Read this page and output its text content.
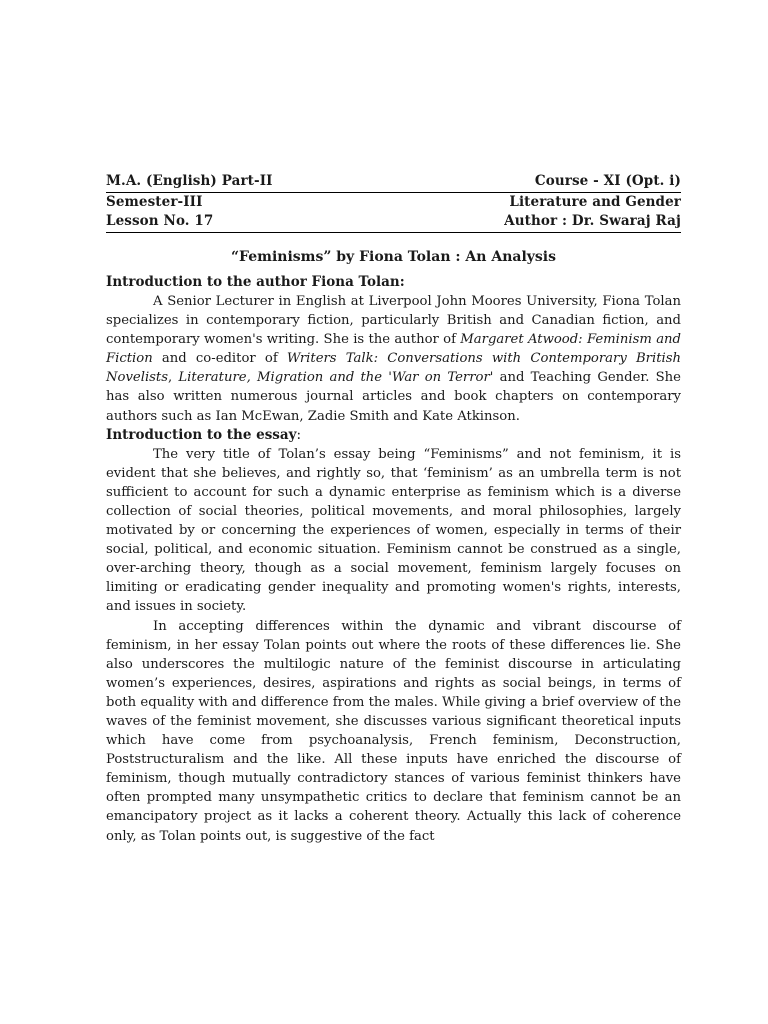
M.A. (English) Part-II	Course - XI (Opt. i)
Semester-III	Literature and Gender
Lesson No. 17	Author : Dr. Swaraj Raj
“Feminisms” by Fiona Tolan : An Analysis
Introduction to the author Fiona Tolan:

A Senior Lecturer in English at Liverpool John Moores University, Fiona Tolan specializes in contemporary fiction, particularly British and Canadian fiction, and contemporary women's writing. She is the author of Margaret Atwood: Feminism and Fiction and co-editor of Writers Talk: Conversations with Contemporary British Novelists, Literature, Migration and the 'War on Terror' and Teaching Gender. She has also written numerous journal articles and book chapters on contemporary authors such as Ian McEwan, Zadie Smith and Kate Atkinson.

Introduction to the essay:

The very title of Tolan’s essay being “Feminisms” and not feminism, it is evident that she believes, and rightly so, that ‘feminism’ as an umbrella term is not sufficient to account for such a dynamic enterprise as feminism which is a diverse collection of social theories, political movements, and moral philosophies, largely motivated by or concerning the experiences of women, especially in terms of their social, political, and economic situation. Feminism cannot be construed as a single, over-arching theory, though as a social movement, feminism largely focuses on limiting or eradicating gender inequality and promoting women's rights, interests, and issues in society.

In accepting differences within the dynamic and vibrant discourse of feminism, in her essay Tolan points out where the roots of these differences lie. She also underscores the multilogic nature of the feminist discourse in articulating women’s experiences, desires, aspirations and rights as social beings, in terms of both equality with and difference from the males. While giving a brief overview of the waves of the feminist movement, she discusses various significant theoretical inputs which have come from psychoanalysis, French feminism, Deconstruction, Poststructuralism and the like. All these inputs have enriched the discourse of feminism, though mutually contradictory stances of various feminist thinkers have often prompted many unsympathetic critics to declare that feminism cannot be an emancipatory project as it lacks a coherent theory. Actually this lack of coherence only, as Tolan points out, is suggestive of the fact
